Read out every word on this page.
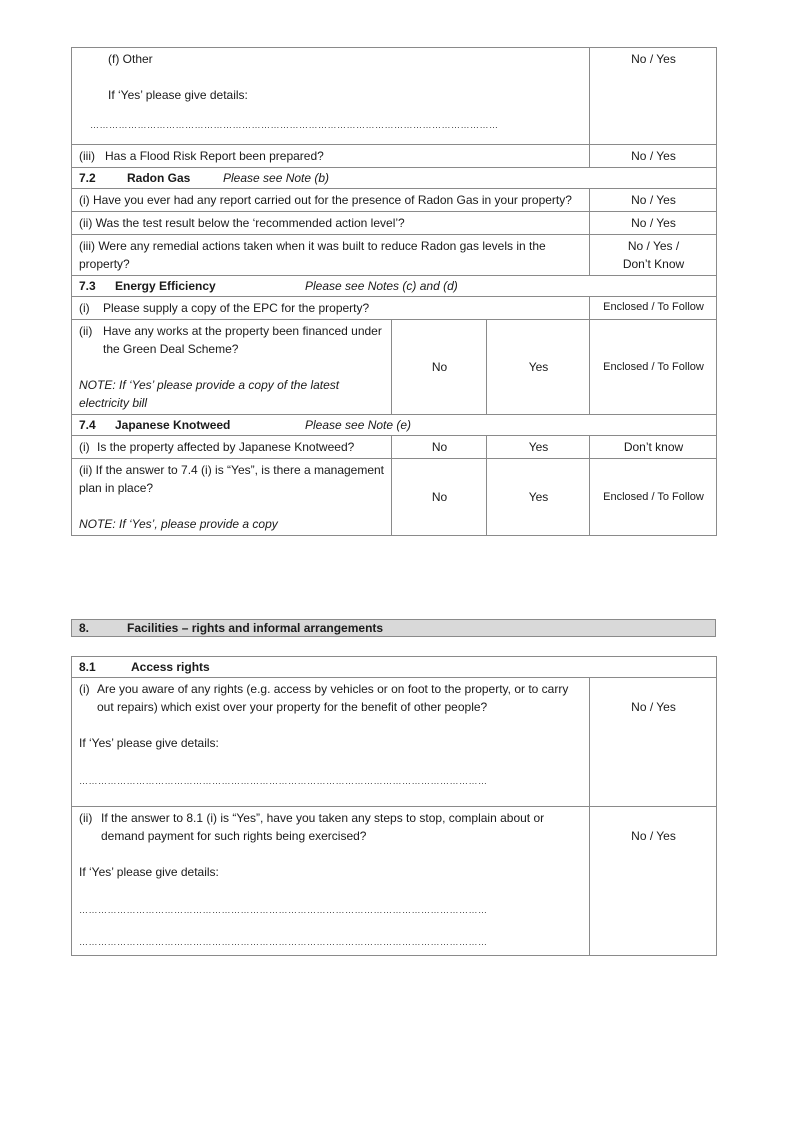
(f) Other
If ‘Yes’ please give details:
…………………………………………………………………………………………………………………			No / Yes
(iii) Has a Flood Risk Report been prepared?			No / Yes
7.2 Radon Gas Please see Note (b)			
(i) Have you ever had any report carried out for the presence of Radon Gas in your property?			No / Yes
(ii) Was the test result below the ‘recommended action level’?			No / Yes
(iii) Were any remedial actions taken when it was built to reduce Radon gas levels in the property?			No / Yes /
Don’t Know

7.3 Energy Efficiency Please see Notes (c) and (d)			
(i) Please supply a copy of the EPC for the property?			Enclosed / To Follow

(ii) Have any works at the property been financed under the Green Deal Scheme?
NOTE: If ‘Yes’ please provide a copy of the latest electricity bill	No	Yes	Enclosed / To Follow
7.4 Japanese Knotweed Please see Note (e)			

(i) Is the property affected by Japanese Knotweed?	No	Yes	Don’t know

(ii) If the answer to 7.4 (i) is “Yes”, is there a management plan in place?
NOTE: If ‘Yes’, please provide a copy	No	Yes	Enclosed / To Follow
8.	Facilities – rights and informal arrangements
8.1 Access rights	

(i) Are you aware of any rights (e.g. access by vehicles or on foot to the property, or to carry out repairs) which exist over your property for the benefit of other people?
If ‘Yes’ please give details:
…………………………………………………………………………………………………………………	No / Yes

(ii) If the answer to 8.1 (i) is “Yes”, have you taken any steps to stop, complain about or demand payment for such rights being exercised?
If ‘Yes’ please give details:
…………………………………………………………………………………………………………………
…………………………………………………………………………………………………………………	No / Yes
